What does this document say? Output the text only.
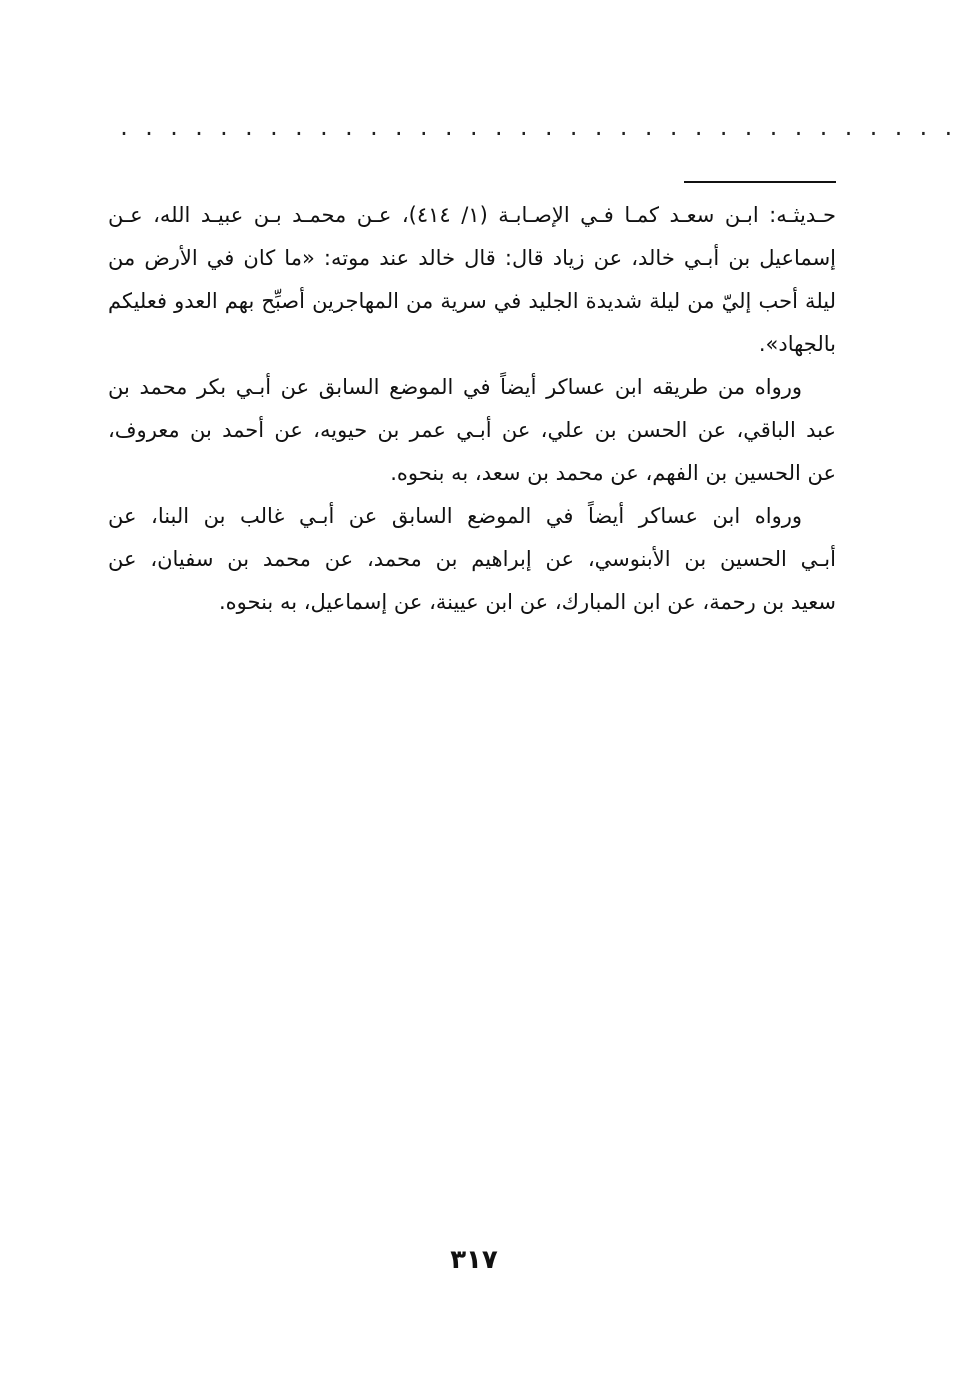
. . . . . . . . . . . . . . . . . . . . . . . . . . . . . . . . . .

حـديثـه: ابـن سعـد كمـا فـي الإصـابـة (١/ ٤١٤)، عـن محمـد بـن عبيـد الله، عـن
إسماعيل بن أبـي خالد، عن زياد قال: قال خالد عند موته: «ما كان في الأرض من
ليلة أحب إليّ من ليلة شديدة الجليد في سرية من المهاجرين أصبِّح بهم العدو فعليكم
بالجهاد».

ورواه من طريقه ابن عساكر أيضاً في الموضع السابق عن أبـي بكر محمد بن
عبد الباقي، عن الحسن بن علي، عن أبـي عمر بن حيويه، عن أحمد بن معروف،
عن الحسين بن الفهم، عن محمد بن سعد، به بنحوه.

ورواه ابن عساكر أيضاً في الموضع السابق عن أبـي غالب بن البنا، عن
أبـي الحسين بن الأبنوسي، عن إبراهيم بن محمد، عن محمد بن سفيان، عن
سعيد بن رحمة، عن ابن المبارك، عن ابن عيينة، عن إسماعيل، به بنحوه.

٣١٧
